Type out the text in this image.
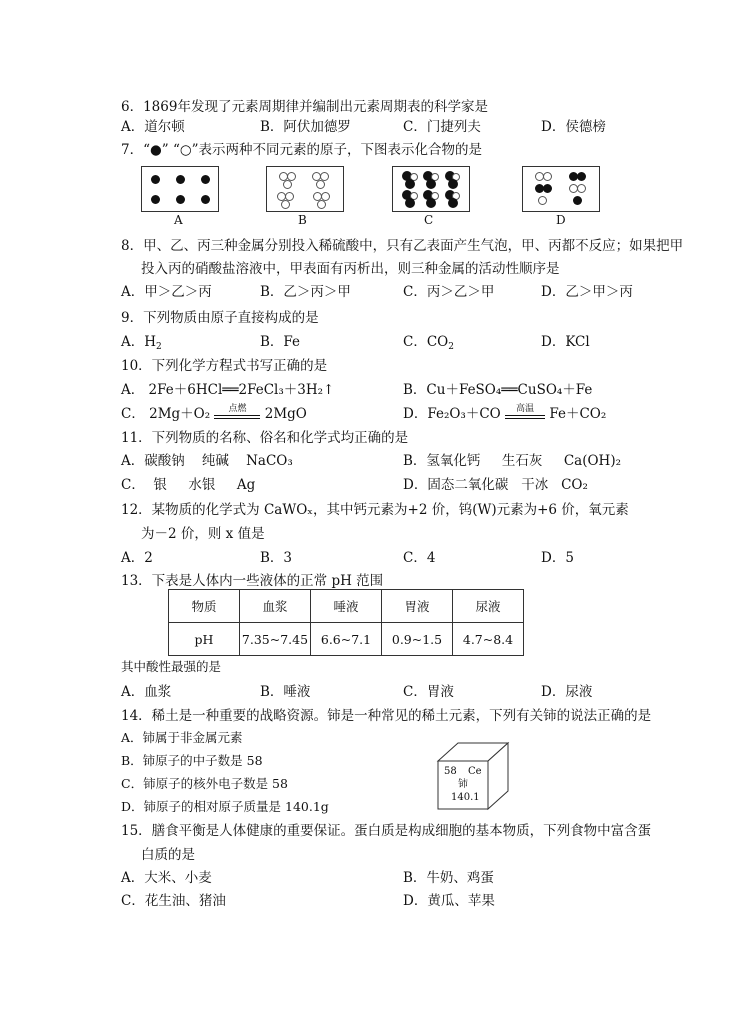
6．1869年发现了元素周期律并编制出元素周期表的科学家是
A．道尔顿	B．阿伏加德罗	C．门捷列夫	D．侯德榜
7．“●” “○”表示两种不同元素的原子，下图表示化合物的是
A	B	C	D
8．甲、乙、丙三种金属分别投入稀硫酸中，只有乙表面产生气泡，甲、丙都不反应；如果把甲
投入丙的硝酸盐溶液中，甲表面有丙析出，则三种金属的活动性顺序是
A．甲＞乙＞丙	B．乙＞丙＞甲	C．丙＞乙＞甲	D．乙＞甲＞丙
9．下列物质由原子直接构成的是
A．$H_2$	B．Fe	C．$CO_2$	D．KCl
10．下列化学方程式书写正确的是
A． 2Fe＋6HCl══2FeCl₃＋3H₂↑	B．Cu＋FeSO₄══CuSO₄＋Fe
C． 2Mg＋O₂ 点燃 2MgO	D．Fe₂O₃＋CO 高温 Fe＋CO₂
11．下列物质的名称、俗名和化学式均正确的是
A．碳酸钠    纯碱    NaCO₃	B．氢氧化钙     生石灰     Ca(OH)₂
C．  银     水银     Ag	D．固态二氧化碳   干冰   CO₂
12．某物质的化学式为 CaWOₓ，其中钙元素为+2 价，钨(W)元素为+6 价，氧元素
为－2 价，则 x 值是
A．2	B．3	C．4	D．5
13．下表是人体内一些液体的正常 pH 范围
物质	血浆	唾液	胃液	尿液
pH	7.35~7.45	6.6~7.1	0.9~1.5	4.7~8.4
其中酸性最强的是
A．血浆	B．唾液	C．胃液	D．尿液
14．稀土是一种重要的战略资源。铈是一种常见的稀土元素，下列有关铈的说法正确的是
A．铈属于非金属元素
B．铈原子的中子数是 58
C．铈原子的核外电子数是 58
D．铈原子的相对原子质量是 140.1g
58 Ce
铈
140.1
15．膳食平衡是人体健康的重要保证。蛋白质是构成细胞的基本物质，下列食物中富含蛋
白质的是
A．大米、小麦	B．牛奶、鸡蛋
C．花生油、猪油	D．黄瓜、苹果
